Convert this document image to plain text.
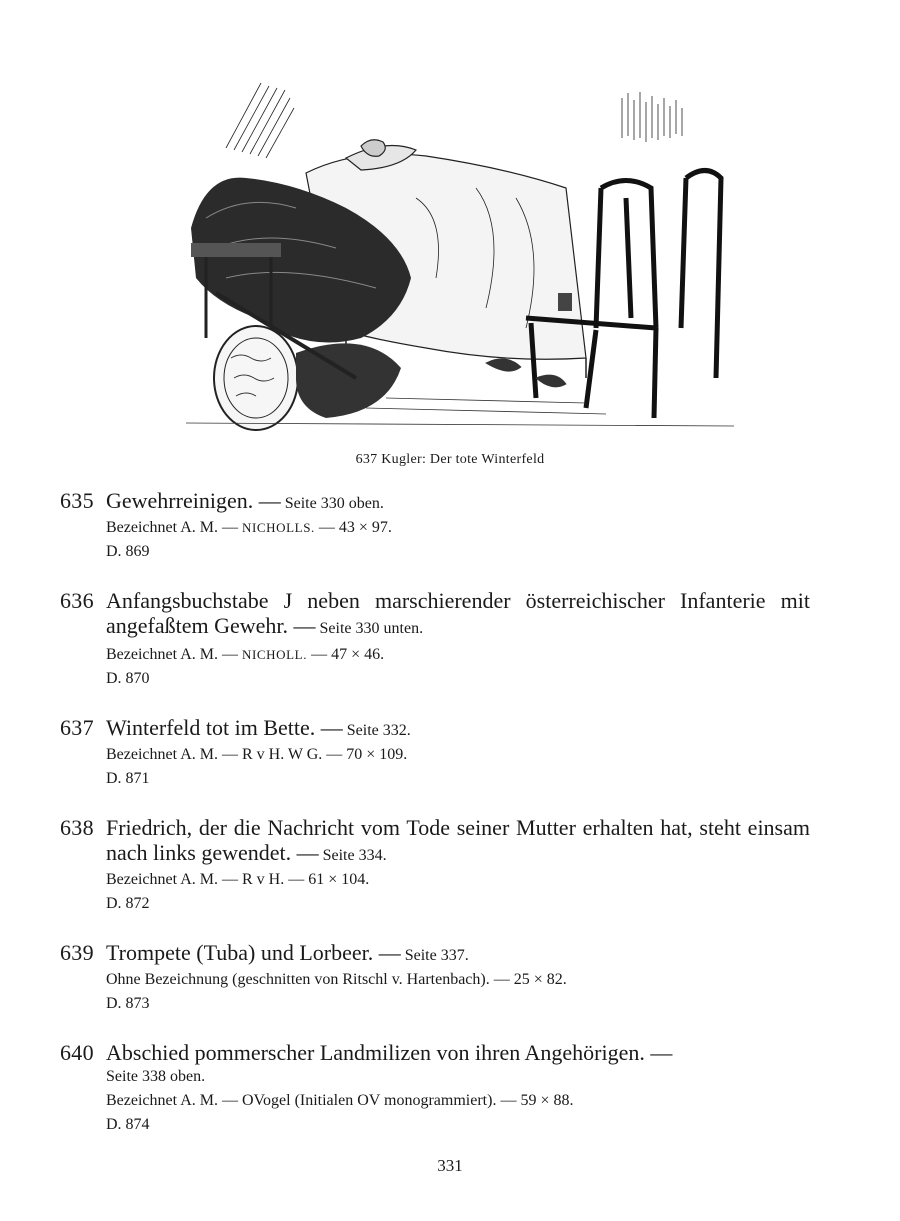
637 Kugler: Der tote Winterfeld
635 Gewehrreinigen. — Seite 330 oben.
Bezeichnet A. M. — NICHOLLS. — 43 × 97.
D. 869
636 Anfangsbuchstabe J neben marschierender österreichischer Infanterie mit angefaßtem Gewehr. — Seite 330 unten.
Bezeichnet A. M. — NICHOLL. — 47 × 46.
D. 870
637 Winterfeld tot im Bette. — Seite 332.
Bezeichnet A. M. — R v H. W G. — 70 × 109.
D. 871
638 Friedrich, der die Nachricht vom Tode seiner Mutter erhalten hat, steht einsam nach links gewendet. — Seite 334.
Bezeichnet A. M. — R v H. — 61 × 104.
D. 872
639 Trompete (Tuba) und Lorbeer. — Seite 337.
Ohne Bezeichnung (geschnitten von Ritschl v. Hartenbach). — 25 × 82.
D. 873
640 Abschied pommerscher Landmilizen von ihren Angehörigen. —
Seite 338 oben.
Bezeichnet A. M. — OVogel (Initialen OV monogrammiert). — 59 × 88.
D. 874
331
